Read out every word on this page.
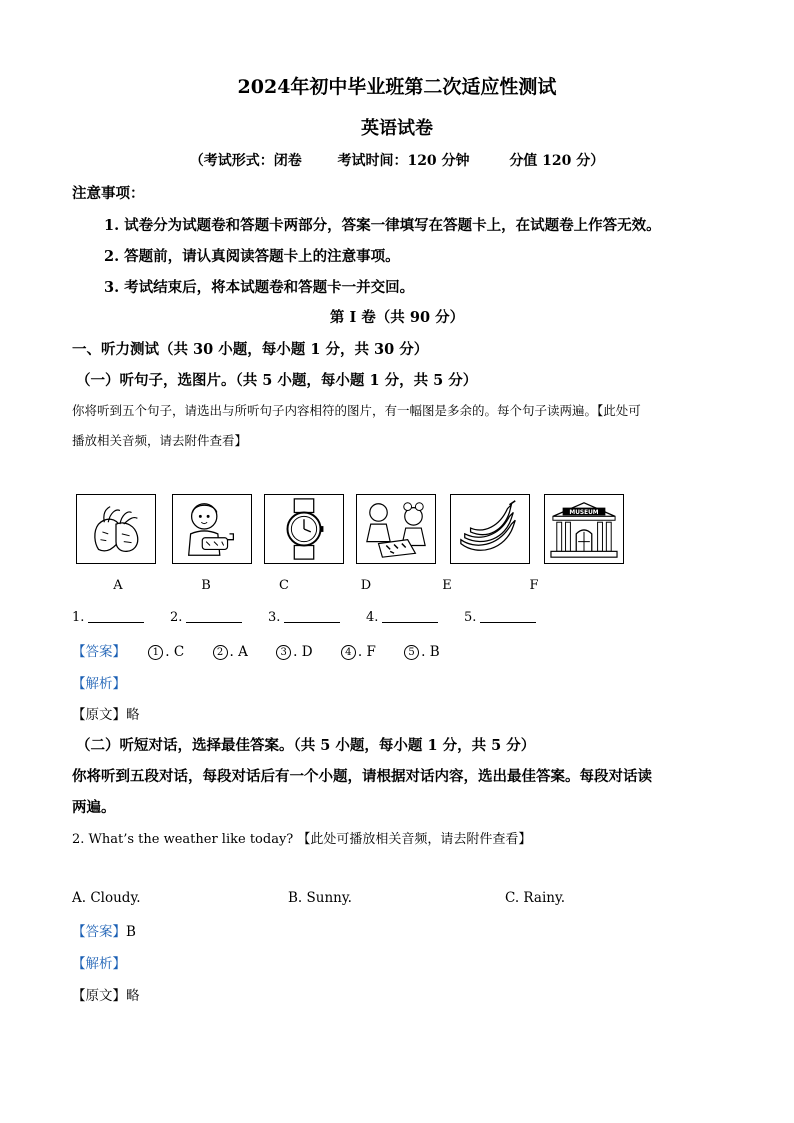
2024年初中毕业班第二次适应性测试
英语试卷
（考试形式：闭卷	考试时间：120 分钟	分值 120 分）
注意事项：
1. 试卷分为试题卷和答题卡两部分，答案一律填写在答题卡上，在试题卷上作答无效。
2. 答题前，请认真阅读答题卡上的注意事项。
3. 考试结束后，将本试题卷和答题卡一并交回。
第 I 卷（共 90 分）
一、听力测试（共 30 小题，每小题 1 分，共 30 分）
（一）听句子，选图片。（共 5 小题，每小题 1 分，共 5 分）
你将听到五个句子，请选出与所听句子内容相符的图片，有一幅图是多余的。每个句子读两遍。【此处可
播放相关音频，请去附件查看】
MUSEUM
A	B	C	D	E	F
1.	2.	3.	4.	5.
【答案】	1 . C	2 . A	3 . D	4 . F	5 . B
【解析】
【原文】略
（二）听短对话，选择最佳答案。（共 5 小题，每小题 1 分，共 5 分）
你将听到五段对话，每段对话后有一个小题，请根据对话内容，选出最佳答案。每段对话读
两遍。
2. What’s the weather like today? 【此处可播放相关音频，请去附件查看】
A. Cloudy.	B. Sunny.	C. Rainy.
【答案】B
【解析】
【原文】略
